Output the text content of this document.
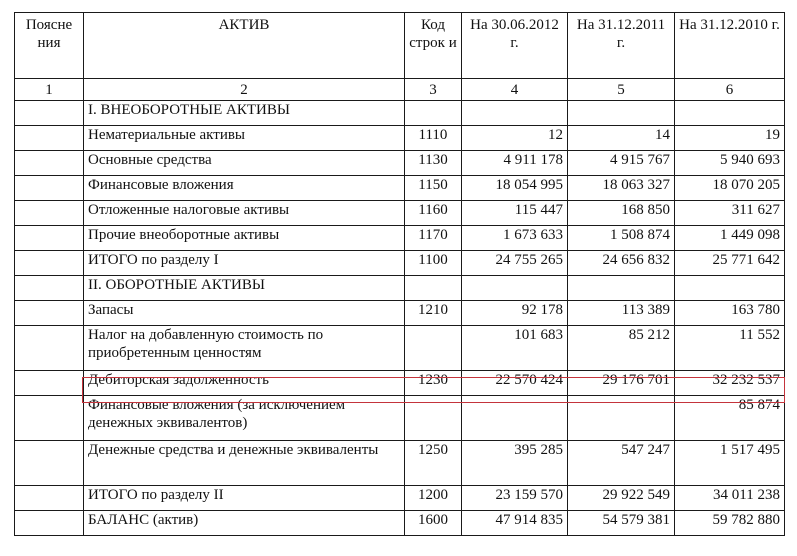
Поясне ния	АКТИВ	Код строк и	На 30.06.2012 г.	На 31.12.2011 г.	На 31.12.2010 г.
1	2	3	4	5	6
	I. ВНЕОБОРОТНЫЕ АКТИВЫ				
	Нематериальные активы	1110	12	14	19
	Основные средства	1130	4 911 178	4 915 767	5 940 693
	Финансовые вложения	1150	18 054 995	18 063 327	18 070 205
	Отложенные налоговые активы	1160	115 447	168 850	311 627
	Прочие внеоборотные активы	1170	1 673 633	1 508 874	1 449 098
	ИТОГО по разделу I	1100	24 755 265	24 656 832	25 771 642
	II. ОБОРОТНЫЕ АКТИВЫ				
	Запасы	1210	92 178	113 389	163 780
	Налог на добавленную стоимость по приобретенным ценностям		101 683	85 212	11 552
	Дебиторская задолженность	1230	22 570 424	29 176 701	32 232 537
	Финансовые вложения (за исключением денежных эквивалентов)				85 874
	Денежные средства и денежные эквиваленты	1250	395 285	547 247	1 517 495
	ИТОГО по разделу II	1200	23 159 570	29 922 549	34 011 238
	БАЛАНС (актив)	1600	47 914 835	54 579 381	59 782 880
